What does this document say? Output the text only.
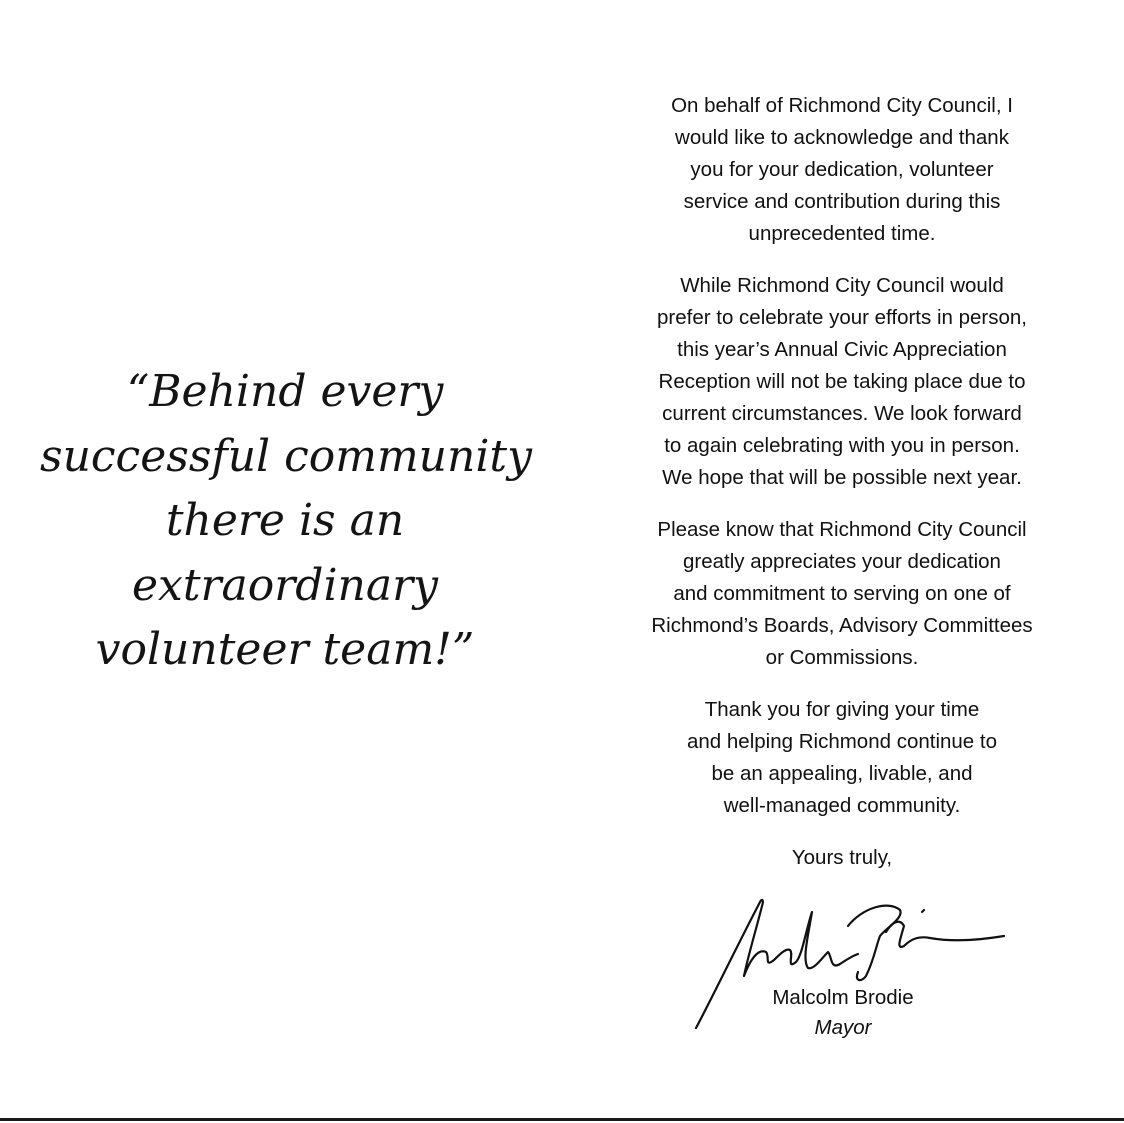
“Behind every
successful community
there is an
extraordinary
volunteer team!”
On behalf of Richmond City Council, I
would like to acknowledge and thank
you for your dedication, volunteer
service and contribution during this
unprecedented time.
While Richmond City Council would
prefer to celebrate your efforts in person,
this year’s Annual Civic Appreciation
Reception will not be taking place due to
current circumstances. We look forward
to again celebrating with you in person.
We hope that will be possible next year.
Please know that Richmond City Council
greatly appreciates your dedication
and commitment to serving on one of
Richmond’s Boards, Advisory Committees
or Commissions.
Thank you for giving your time
and helping Richmond continue to
be an appealing, livable, and
well-managed community.
Yours truly,
Malcolm Brodie
Mayor
